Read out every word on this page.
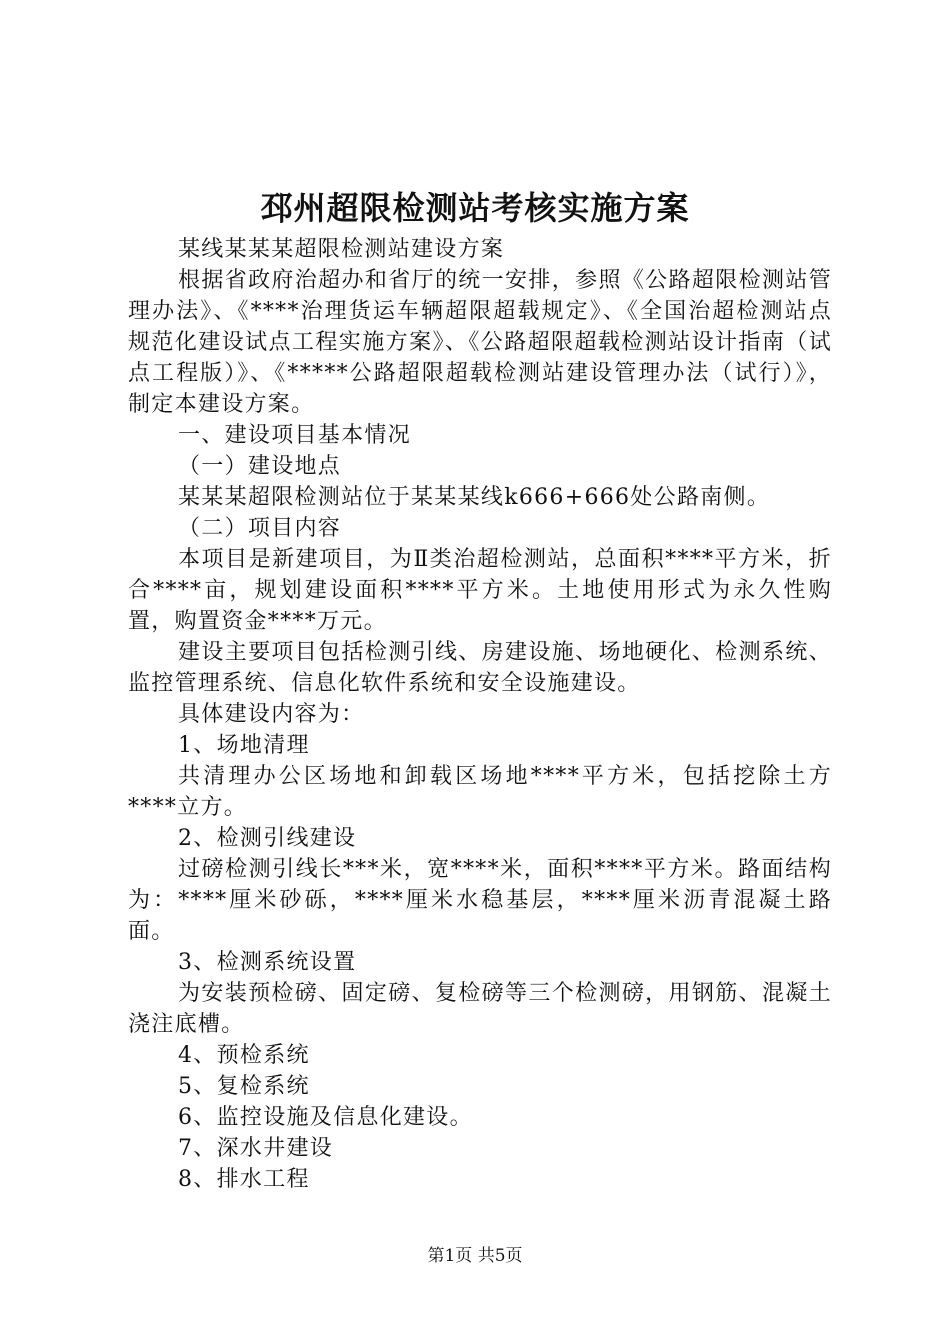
邳州超限检测站考核实施方案

某线某某某超限检测站建设方案

根据省政府治超办和省厅的统一安排，参照《公路超限检测站管理办法》、《****治理货运车辆超限超载规定》、《全国治超检测站点规范化建设试点工程实施方案》、《公路超限超载检测站设计指南（试点工程版）》、《*****公路超限超载检测站建设管理办法（试行）》，制定本建设方案。

一、建设项目基本情况

（一）建设地点

某某某超限检测站位于某某某线k666+666处公路南侧。

（二）项目内容

本项目是新建项目，为Ⅱ类治超检测站，总面积****平方米，折合****亩，规划建设面积****平方米。土地使用形式为永久性购置，购置资金****万元。

建设主要项目包括检测引线、房建设施、场地硬化、检测系统、监控管理系统、信息化软件系统和安全设施建设。

具体建设内容为：

1、场地清理

共清理办公区场地和卸载区场地****平方米，包括挖除土方****立方。

2、检测引线建设

过磅检测引线长***米，宽****米，面积****平方米。路面结构为：****厘米砂砾，****厘米水稳基层，****厘米沥青混凝土路面。

3、检测系统设置

为安装预检磅、固定磅、复检磅等三个检测磅，用钢筋、混凝土浇注底槽。

4、预检系统

5、复检系统

6、监控设施及信息化建设。

7、深水井建设

8、排水工程

第1页 共5页
